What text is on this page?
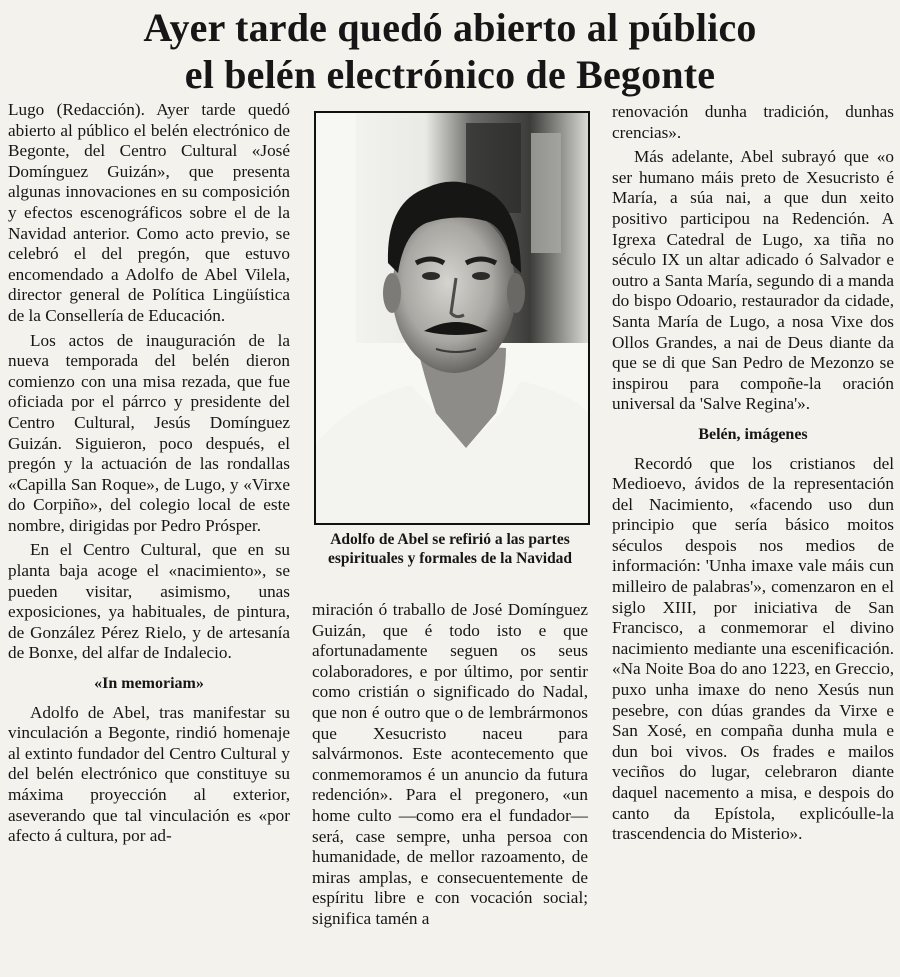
Ayer tarde quedó abierto al público
el belén electrónico de Begonte

Lugo (Redacción). Ayer tarde quedó abierto al público el belén electrónico de Begonte, del Centro Cultural «José Domínguez Guizán», que presenta algunas innovaciones en su composición y efectos escenográficos sobre el de la Navidad anterior. Como acto previo, se celebró el del pregón, que estuvo encomendado a Adolfo de Abel Vilela, director general de Política Lingüística de la Consellería de Educación.

Los actos de inauguración de la nueva temporada del belén dieron comienzo con una misa rezada, que fue oficiada por el párrco y presidente del Centro Cultural, Jesús Domínguez Guizán. Siguieron, poco después, el pregón y la actuación de las rondallas «Capilla San Roque», de Lugo, y «Virxe do Corpiño», del colegio local de este nombre, dirigidas por Pedro Prósper.

En el Centro Cultural, que en su planta baja acoge el «nacimiento», se pueden visitar, asimismo, unas exposiciones, ya habituales, de pintura, de González Pérez Rielo, y de artesanía de Bonxe, del alfar de Indalecio.

«In memoriam»

Adolfo de Abel, tras manifestar su vinculación a Begonte, rindió homenaje al extinto fundador del Centro Cultural y del belén electrónico que constituye su máxima proyección al exterior, aseverando que tal vinculación es «por afecto á cultura, por ad-

Adolfo de Abel se refirió a las partes espirituales y formales de la Navidad

miración ó traballo de José Domínguez Guizán, que é todo isto e que afortunadamente seguen os seus colaboradores, e por último, por sentir como cristián o significado do Nadal, que non é outro que o de lembrármonos que Xesucristo naceu para salvármonos. Este acontecemento que conmemoramos é un anuncio da futura redención». Para el pregonero, «un home culto —como era el fundador— será, case sempre, unha persoa con humanidade, de mellor razoamento, de miras amplas, e consecuentemente de espíritu libre e con vocación social; significa tamén a

renovación dunha tradición, dunhas crencias».

Más adelante, Abel subrayó que «o ser humano máis preto de Xesucristo é María, a súa nai, a que dun xeito positivo participou na Redención. A Igrexa Catedral de Lugo, xa tiña no século IX un altar adicado ó Salvador e outro a Santa María, segundo di a manda do bispo Odoario, restaurador da cidade, Santa María de Lugo, a nosa Vixe dos Ollos Grandes, a nai de Deus diante da que se di que San Pedro de Mezonzo se inspirou para compoñe-la oración universal da 'Salve Regina'».

Belén, imágenes

Recordó que los cristianos del Medioevo, ávidos de la representación del Nacimiento, «facendo uso dun principio que sería básico moitos séculos despois nos medios de información: 'Unha imaxe vale máis cun milleiro de palabras'», comenzaron en el siglo XIII, por iniciativa de San Francisco, a conmemorar el divino nacimiento mediante una escenificación. «Na Noite Boa do ano 1223, en Greccio, puxo unha imaxe do neno Xesús nun pesebre, con dúas grandes da Virxe e San Xosé, en compaña dunha mula e dun boi vivos. Os frades e mailos veciños do lugar, celebraron diante daquel nacemento a misa, e despois do canto da Epístola, explicóulle-la trascendencia do Misterio».
